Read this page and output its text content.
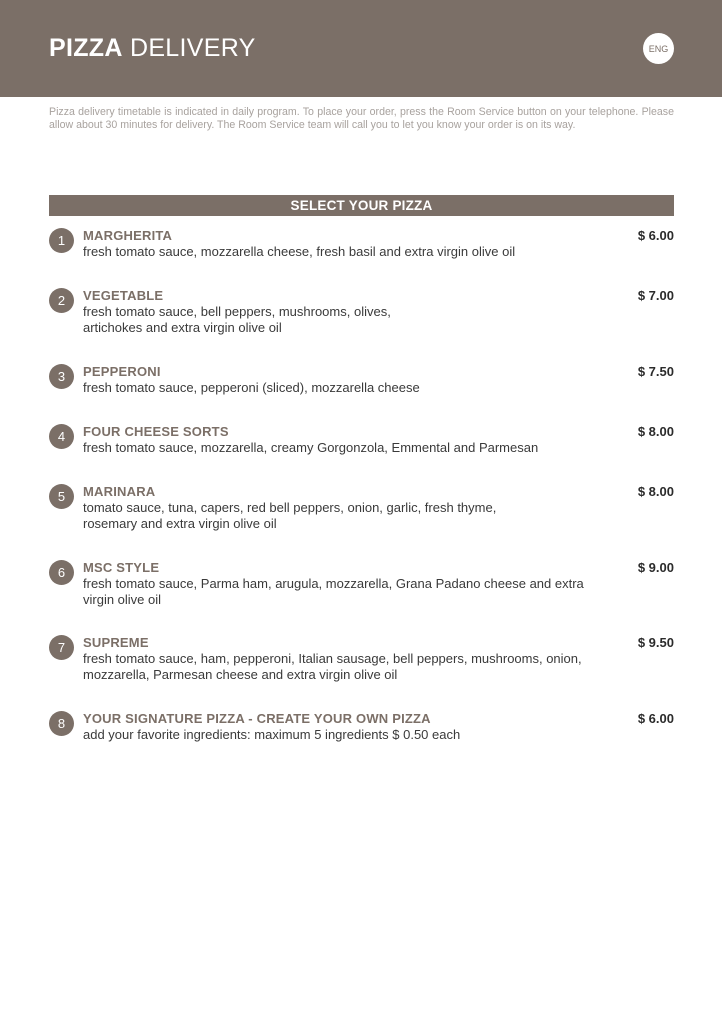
PIZZA DELIVERY	ENG

Pizza delivery timetable is indicated in daily program. To place your order, press the Room Service button on your telephone. Please allow about 30 minutes for delivery. The Room Service team will call you to let you know your order is on its way.

SELECT YOUR PIZZA
1	MARGHERITA	$ 6.00
fresh tomato sauce, mozzarella cheese, fresh basil and extra virgin olive oil
2	VEGETABLE	$ 7.00
fresh tomato sauce, bell peppers, mushrooms, olives,
artichokes and extra virgin olive oil
3	PEPPERONI	$ 7.50
fresh tomato sauce, pepperoni (sliced), mozzarella cheese
4	FOUR CHEESE SORTS	$ 8.00
fresh tomato sauce, mozzarella, creamy Gorgonzola, Emmental and Parmesan
5	MARINARA	$ 8.00
tomato sauce, tuna, capers, red bell peppers, onion, garlic, fresh thyme,
rosemary and extra virgin olive oil
6	MSC STYLE	$ 9.00
fresh tomato sauce, Parma ham, arugula, mozzarella, Grana Padano cheese and extra
virgin olive oil
7	SUPREME	$ 9.50
fresh tomato sauce, ham, pepperoni, Italian sausage, bell peppers, mushrooms, onion,
mozzarella, Parmesan cheese and extra virgin olive oil
8	YOUR SIGNATURE PIZZA - CREATE YOUR OWN PIZZA	$ 6.00
add your favorite ingredients: maximum 5 ingredients $ 0.50 each
